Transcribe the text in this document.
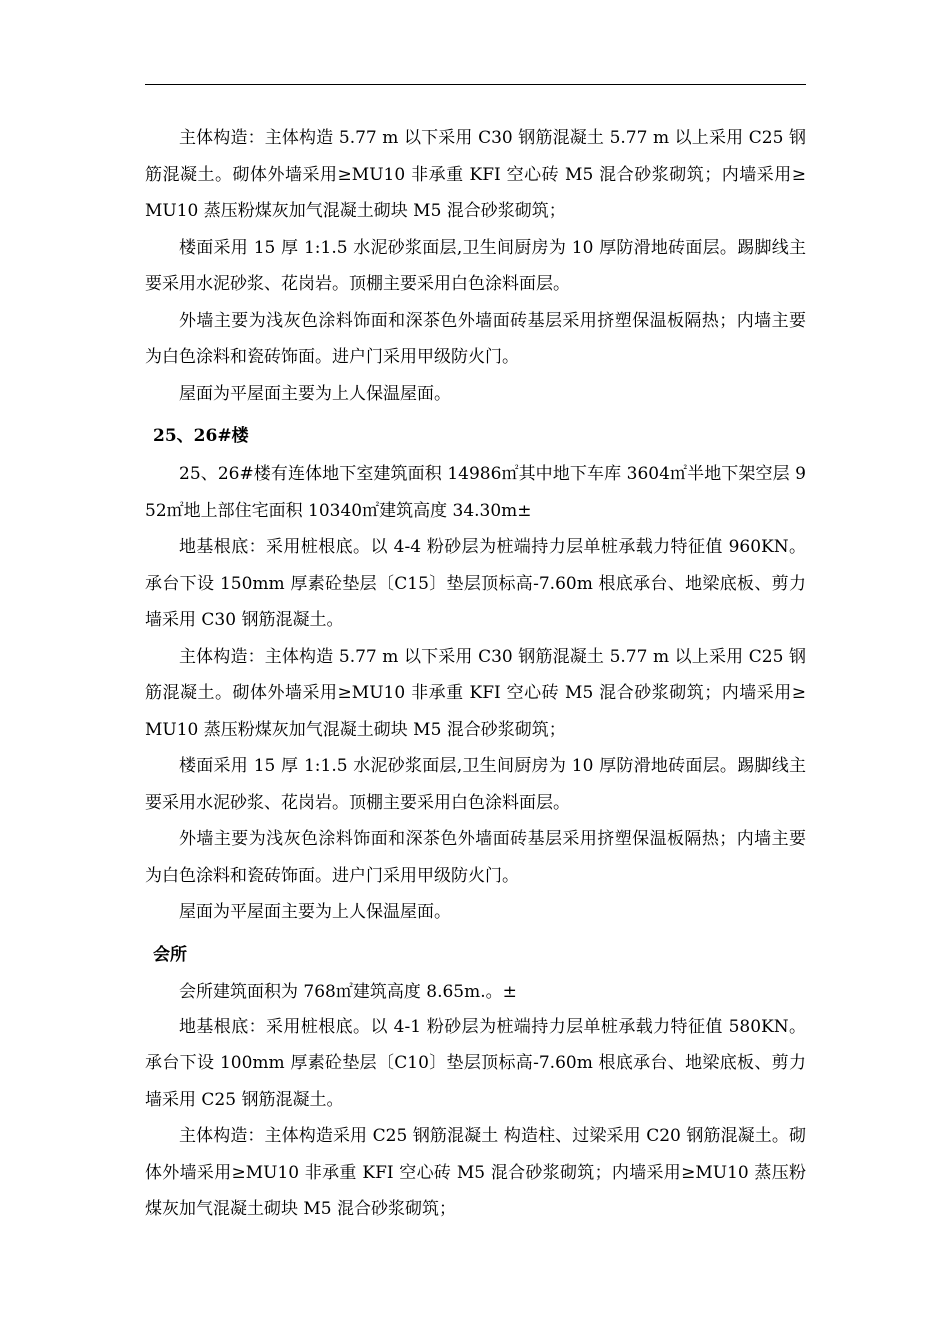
主体构造：主体构造 5.77 m 以下采用 C30 钢筋混凝土 5.77 m 以上采用 C25 钢筋混凝土。砌体外墙采用≥MU10 非承重 KFI 空心砖 M5 混合砂浆砌筑；内墙采用≥MU10 蒸压粉煤灰加气混凝土砌块 M5 混合砂浆砌筑；

楼面采用 15 厚 1:1.5 水泥砂浆面层,卫生间厨房为 10 厚防滑地砖面层。踢脚线主要采用水泥砂浆、花岗岩。顶棚主要采用白色涂料面层。

外墙主要为浅灰色涂料饰面和深茶色外墙面砖基层采用挤塑保温板隔热；内墙主要为白色涂料和瓷砖饰面。进户门采用甲级防火门。

屋面为平屋面主要为上人保温屋面。

25、26#楼

25、26#楼有连体地下室建筑面积 14986㎡其中地下车库 3604㎡半地下架空层 952㎡地上部住宅面积 10340㎡建筑高度 34.30m±

地基根底：采用桩根底。以 4-4 粉砂层为桩端持力层单桩承载力特征值 960KN。承台下设 150mm 厚素砼垫层〔C15〕垫层顶标高-7.60m 根底承台、地梁底板、剪力墙采用 C30 钢筋混凝土。

主体构造：主体构造 5.77 m 以下采用 C30 钢筋混凝土 5.77 m 以上采用 C25 钢筋混凝土。砌体外墙采用≥MU10 非承重 KFI 空心砖 M5 混合砂浆砌筑；内墙采用≥MU10 蒸压粉煤灰加气混凝土砌块 M5 混合砂浆砌筑；

楼面采用 15 厚 1:1.5 水泥砂浆面层,卫生间厨房为 10 厚防滑地砖面层。踢脚线主要采用水泥砂浆、花岗岩。顶棚主要采用白色涂料面层。

外墙主要为浅灰色涂料饰面和深茶色外墙面砖基层采用挤塑保温板隔热；内墙主要为白色涂料和瓷砖饰面。进户门采用甲级防火门。

屋面为平屋面主要为上人保温屋面。

会所

会所建筑面积为 768㎡建筑高度 8.65m.。±

地基根底：采用桩根底。以 4-1 粉砂层为桩端持力层单桩承载力特征值 580KN。承台下设 100mm 厚素砼垫层〔C10〕垫层顶标高-7.60m 根底承台、地梁底板、剪力墙采用 C25 钢筋混凝土。

主体构造：主体构造采用 C25 钢筋混凝土 构造柱、过梁采用 C20 钢筋混凝土。砌体外墙采用≥MU10 非承重 KFI 空心砖 M5 混合砂浆砌筑；内墙采用≥MU10 蒸压粉煤灰加气混凝土砌块 M5 混合砂浆砌筑；
